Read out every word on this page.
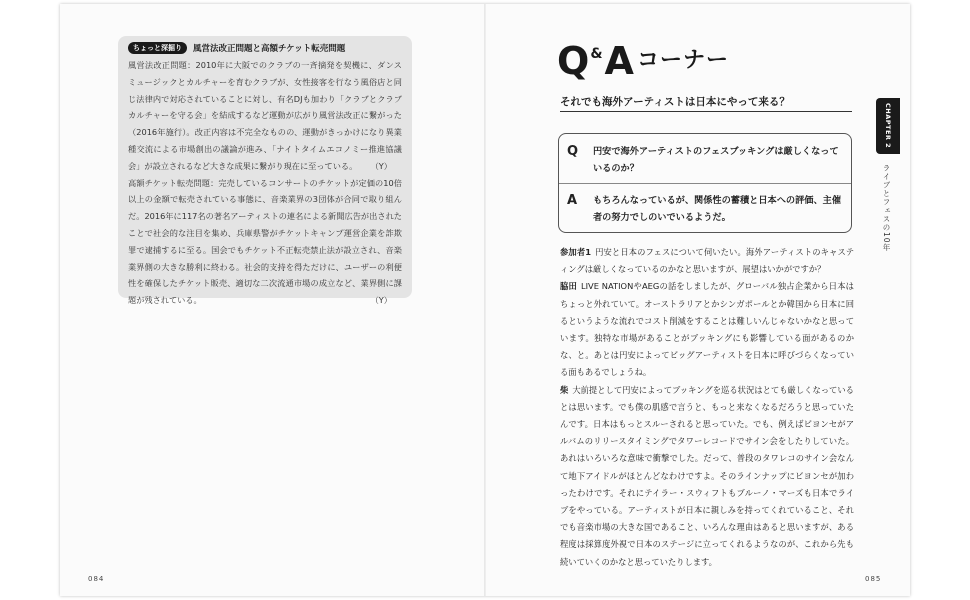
ちょっと深掘り	風営法改正問題と高額チケット転売問題

風営法改正問題：2010年に大阪でのクラブの一斉摘発を契機に、ダンスミュージックとカルチャーを育むクラブが、女性接客を行なう風俗店と同じ法律内で対応されていることに対し、有名DJも加わり「クラブとクラブカルチャーを守る会」を結成するなど運動が広がり風営法改正に繋がった（2016年施行）。改正内容は不完全なものの、運動がきっかけになり異業種交流による市場創出の議論が進み、「ナイトタイムエコノミー推進協議会」が設立されるなど大きな成果に繋がり現在に至っている。 （Y）

高額チケット転売問題：完売しているコンサートのチケットが定価の10倍以上の金額で転売されている事態に、音楽業界の3団体が合同で取り組んだ。2016年に117名の著名アーティストの連名による新聞広告が出されたことで社会的な注目を集め、兵庫県警がチケットキャンプ運営企業を詐欺罪で逮捕するに至る。国会でもチケット不正転売禁止法が設立され、音楽業界側の大きな勝利に終わる。社会的支持を得ただけに、ユーザーの利便性を確保したチケット販売、適切な二次流通市場の成立など、業界側に課題が残されている。	（Y）

084
Q & A コーナー
それでも海外アーティストは日本にやって来る？
Q	円安で海外アーティストのフェスブッキングは厳しくなっているのか？
A	もちろんなっているが、関係性の蓄積と日本への評価、主催者の努力でしのいでいるようだ。

参加者1 円安と日本のフェスについて伺いたい。海外アーティストのキャスティングは厳しくなっているのかなと思いますが、展望はいかがですか？

脇田 LIVE NATIONやAEGの話をしましたが、グローバル独占企業から日本はちょっと外れていて。オーストラリアとかシンガポールとか韓国から日本に回るというような流れでコスト削減をすることは難しいんじゃないかなと思っています。独特な市場があることがブッキングにも影響している面があるのかな、と。あとは円安によってビッグアーティストを日本に呼びづらくなっている面もあるでしょうね。

柴 大前提として円安によってブッキングを巡る状況はとても厳しくなっているとは思います。でも僕の肌感で言うと、もっと来なくなるだろうと思っていたんです。日本はもっとスルーされると思っていた。でも、例えばビヨンセがアルバムのリリースタイミングでタワーレコードでサイン会をしたりしていた。あれはいろいろな意味で衝撃でした。だって、普段のタワレコのサイン会なんて地下アイドルがほとんどなわけですよ。そのラインナップにビヨンセが加わったわけです。それにテイラー・スウィフトもブルーノ・マーズも日本でライブをやっている。アーティストが日本に親しみを持ってくれていること、それでも音楽市場の大きな国であること、いろんな理由はあると思いますが、ある程度は採算度外視で日本のステージに立ってくれるようなのが、これから先も続いていくのかなと思っていたりします。

CHAPTER 2
ライブとフェスの10年
085
